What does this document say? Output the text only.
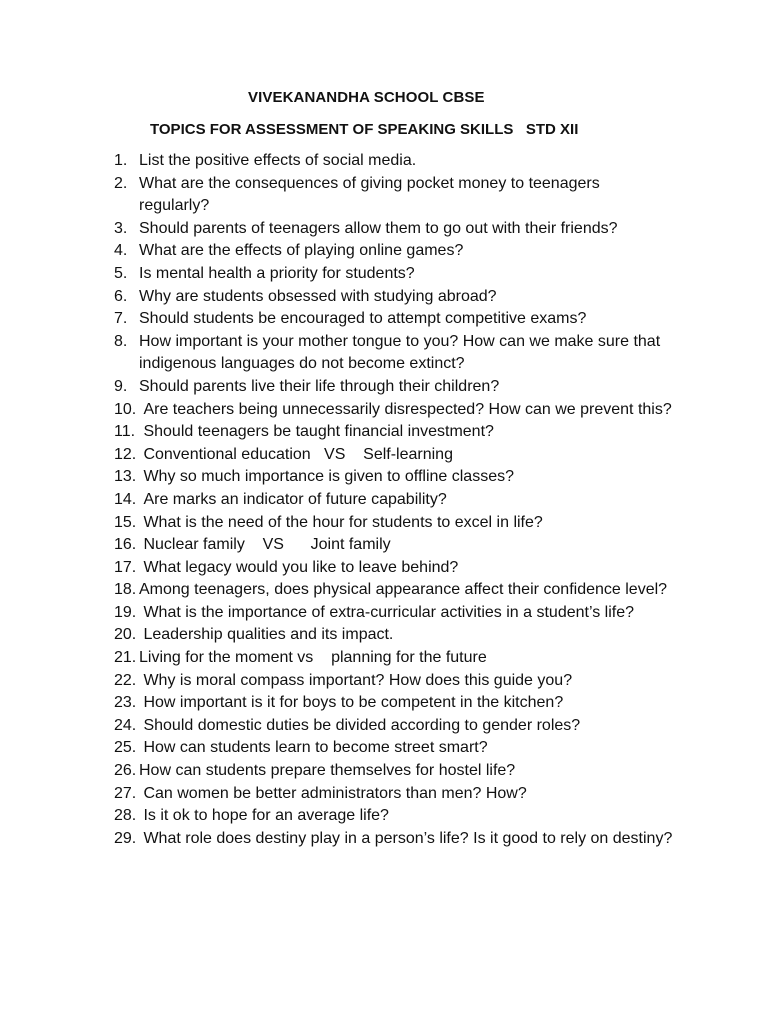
VIVEKANANDHA SCHOOL CBSE
TOPICS FOR ASSESSMENT OF SPEAKING SKILLS   STD XII
1. List the positive effects of social media.
2. What are the consequences of giving pocket money to teenagers regularly?
3. Should parents of teenagers allow them to go out with their friends?
4. What are the effects of playing online games?
5. Is mental health a priority for students?
6. Why are students obsessed with studying abroad?
7. Should students be encouraged to attempt competitive exams?
8. How important is your mother tongue to you? How can we make sure that indigenous languages do not become extinct?
9. Should parents live their life through their children?
10. Are teachers being unnecessarily disrespected? How can we prevent this?
11. Should teenagers be taught financial investment?
12. Conventional education   VS    Self-learning
13. Why so much importance is given to offline classes?
14. Are marks an indicator of future capability?
15. What is the need of the hour for students to excel in life?
16. Nuclear family    VS      Joint family
17. What legacy would you like to leave behind?
18. Among teenagers, does physical appearance affect their confidence level?
19. What is the importance of extra-curricular activities in a student’s life?
20. Leadership qualities and its impact.
21. Living for the moment vs    planning for the future
22. Why is moral compass important? How does this guide you?
23. How important is it for boys to be competent in the kitchen?
24. Should domestic duties be divided according to gender roles?
25. How can students learn to become street smart?
26. How can students prepare themselves for hostel life?
27. Can women be better administrators than men? How?
28. Is it ok to hope for an average life?
29. What role does destiny play in a person’s life? Is it good to rely on destiny?
